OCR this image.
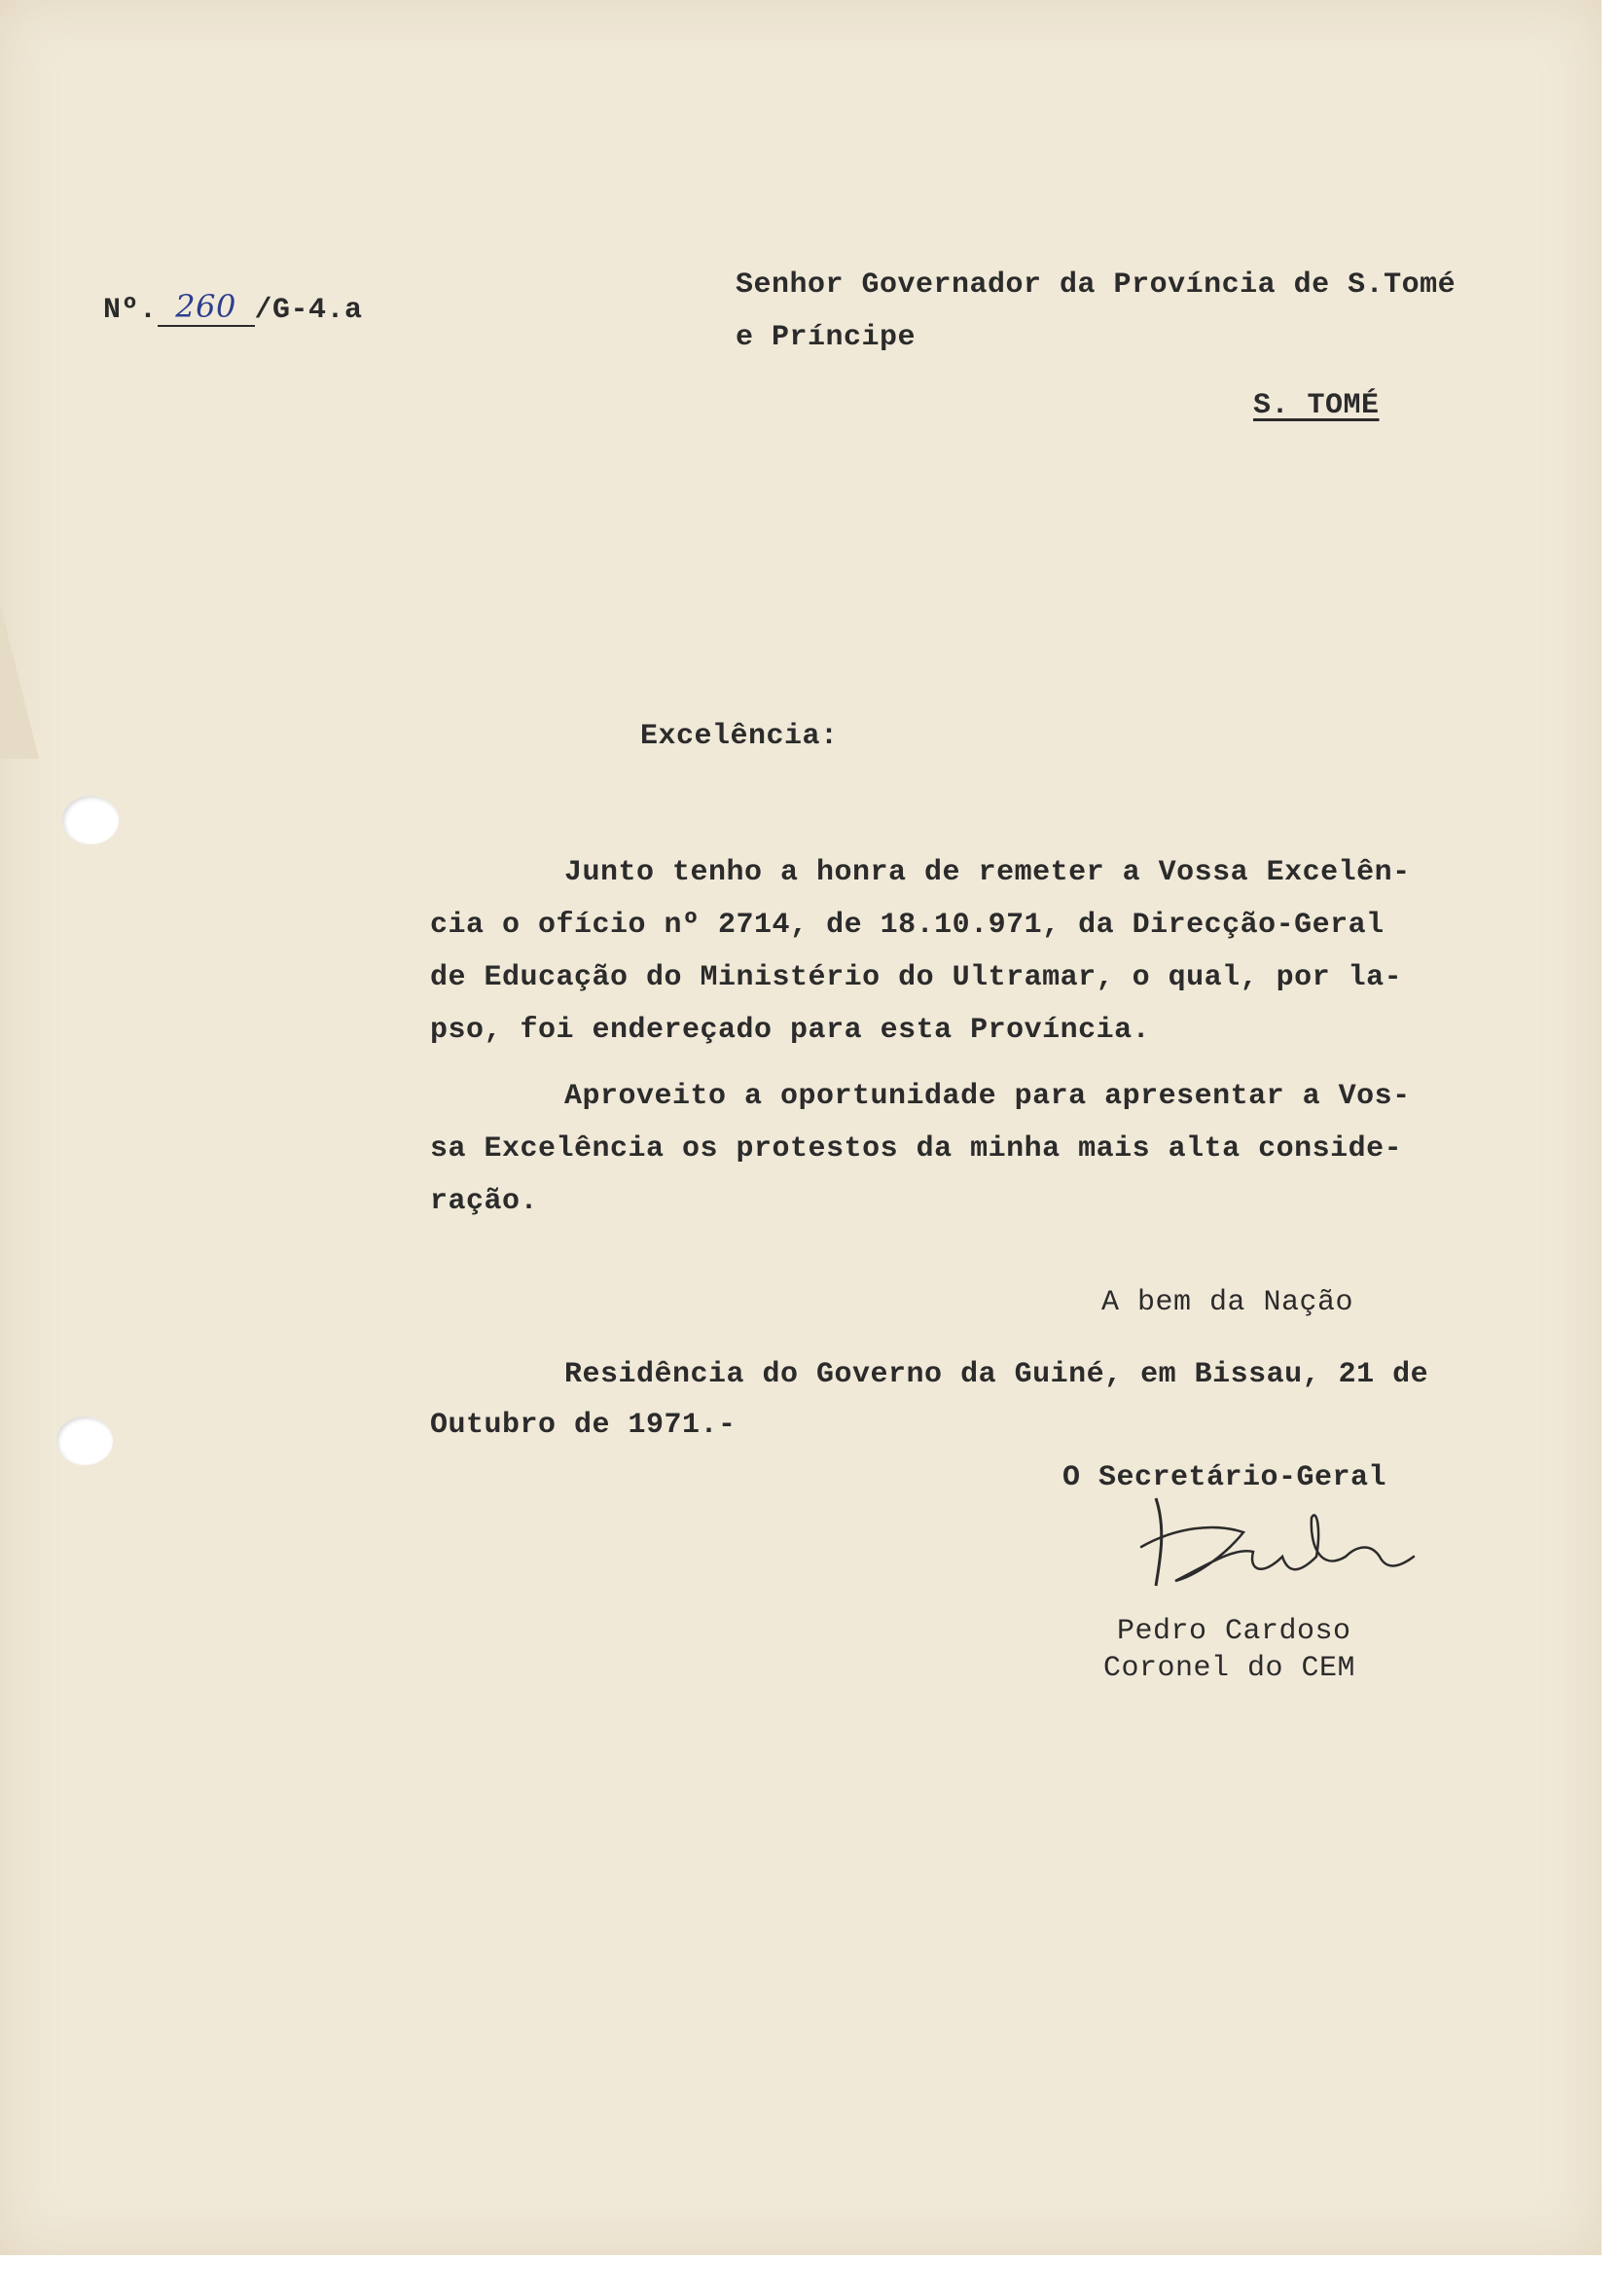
Nº. 260 /G-4.a
Senhor Governador da Província de S.Tomé
e Príncipe
S. TOMÉ
Excelência:
Junto tenho a honra de remeter a Vossa Excelên-
cia o ofício nº 2714, de 18.10.971, da Direcção-Geral
de Educação do Ministério do Ultramar, o qual, por la-
pso, foi endereçado para esta Província.
Aproveito a oportunidade para apresentar a Vos-
sa Excelência os protestos da minha mais alta conside-
ração.
A bem da Nação
Residência do Governo da Guiné, em Bissau, 21 de
Outubro de 1971.-
O Secretário-Geral
Pedro Cardoso
Coronel do CEM
